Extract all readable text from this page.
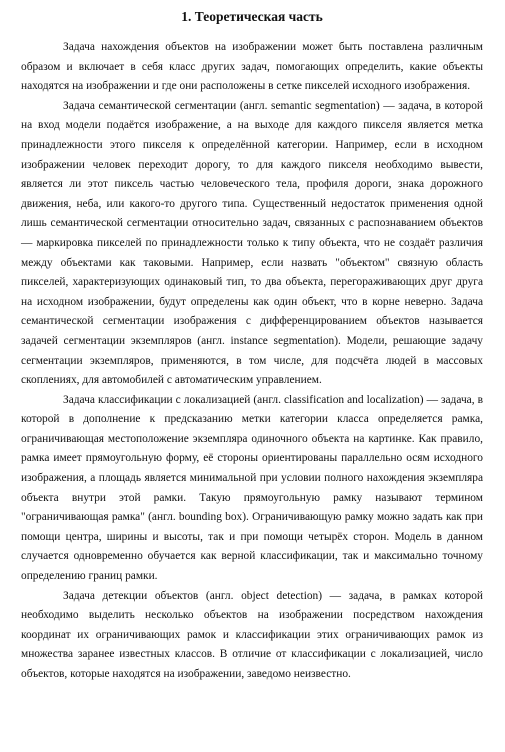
1. Теоретическая часть

Задача нахождения объектов на изображении может быть поставлена различным образом и включает в себя класс других задач, помогающих определить, какие объекты находятся на изображении и где они расположены в сетке пикселей исходного изображения.

Задача семантической сегментации (англ. semantic segmentation) — задача, в которой на вход модели подаётся изображение, а на выходе для каждого пикселя является метка принадлежности этого пикселя к определённой категории. Например, если в исходном изображении человек переходит дорогу, то для каждого пикселя необходимо вывести, является ли этот пиксель частью человеческого тела, профиля дороги, знака дорожного движения, неба, или какого-то другого типа. Существенный недостаток применения одной лишь семантической сегментации относительно задач, связанных с распознаванием объектов — маркировка пикселей по принадлежности только к типу объекта, что не создаёт различия между объектами как таковыми. Например, если назвать "объектом" связную область пикселей, характеризующих одинаковый тип, то два объекта, перегораживающих друг друга на исходном изображении, будут определены как один объект, что в корне неверно. Задача семантической сегментации изображения с дифференцированием объектов называется задачей сегментации экземпляров (англ. instance segmentation). Модели, решающие задачу сегментации экземпляров, применяются, в том числе, для подсчёта людей в массовых скоплениях, для автомобилей с автоматическим управлением.

Задача классификации с локализацией (англ. classification and localization) — задача, в которой в дополнение к предсказанию метки категории класса определяется рамка, ограничивающая местоположение экземпляра одиночного объекта на картинке. Как правило, рамка имеет прямоугольную форму, её стороны ориентированы параллельно осям исходного изображения, а площадь является минимальной при условии полного нахождения экземпляра объекта внутри этой рамки. Такую прямоугольную рамку называют термином "ограничивающая рамка" (англ. bounding box). Ограничивающую рамку можно задать как при помощи центра, ширины и высоты, так и при помощи четырёх сторон. Модель в данном случается одновременно обучается как верной классификации, так и максимально точному определению границ рамки.

Задача детекции объектов (англ. object detection) — задача, в рамках которой необходимо выделить несколько объектов на изображении посредством нахождения координат их ограничивающих рамок и классификации этих ограничивающих рамок из множества заранее известных классов. В отличие от классификации с локализацией, число объектов, которые находятся на изображении, заведомо неизвестно.
